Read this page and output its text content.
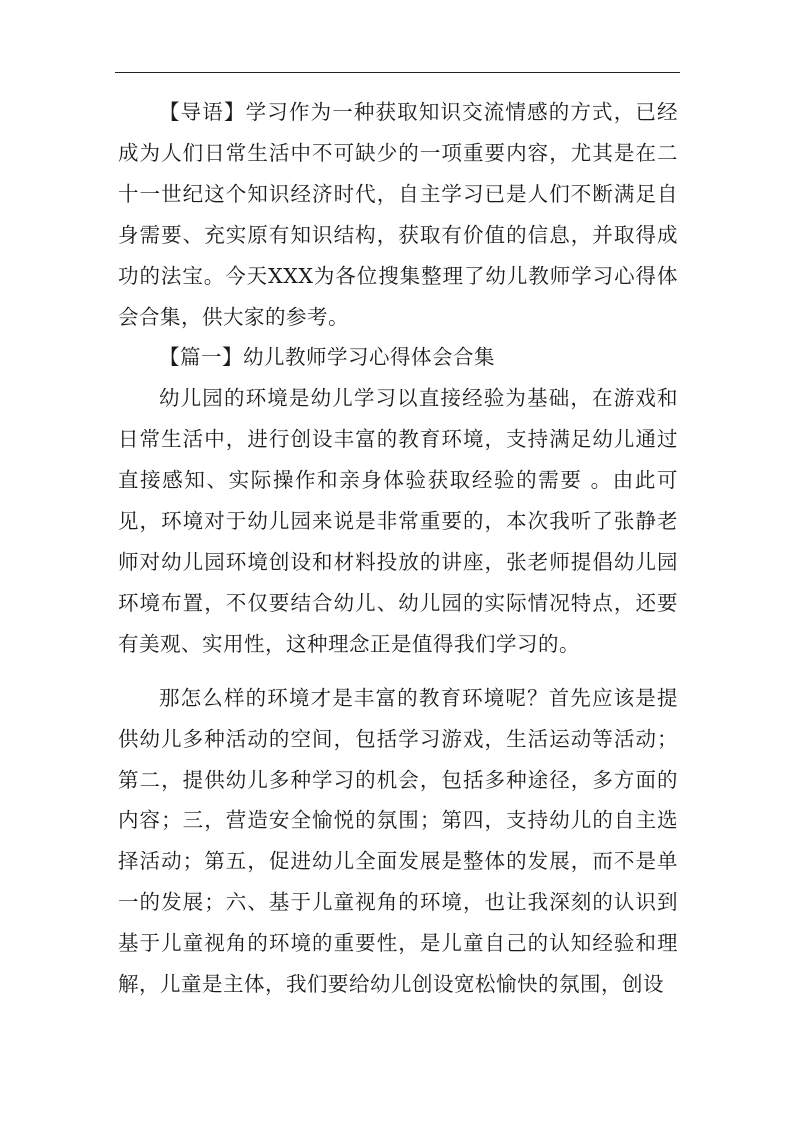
【导语】学习作为一种获取知识交流情感的方式，已经成为人们日常生活中不可缺少的一项重要内容，尤其是在二十一世纪这个知识经济时代，自主学习已是人们不断满足自身需要、充实原有知识结构，获取有价值的信息，并取得成功的法宝。今天XXX为各位搜集整理了幼儿教师学习心得体会合集，供大家的参考。

【篇一】幼儿教师学习心得体会合集

幼儿园的环境是幼儿学习以直接经验为基础，在游戏和日常生活中，进行创设丰富的教育环境，支持满足幼儿通过直接感知、实际操作和亲身体验获取经验的需要 。由此可见，环境对于幼儿园来说是非常重要的，本次我听了张静老师对幼儿园环境创设和材料投放的讲座，张老师提倡幼儿园环境布置，不仅要结合幼儿、幼儿园的实际情况特点，还要有美观、实用性，这种理念正是值得我们学习的。

那怎么样的环境才是丰富的教育环境呢？首先应该是提供幼儿多种活动的空间，包括学习游戏，生活运动等活动；第二，提供幼儿多种学习的机会，包括多种途径，多方面的内容；三，营造安全愉悦的氛围；第四，支持幼儿的自主选择活动；第五，促进幼儿全面发展是整体的发展，而不是单一的发展；六、基于儿童视角的环境，也让我深刻的认识到基于儿童视角的环境的重要性，是儿童自己的认知经验和理解，儿童是主体，我们要给幼儿创设宽松愉快的氛围，创设
